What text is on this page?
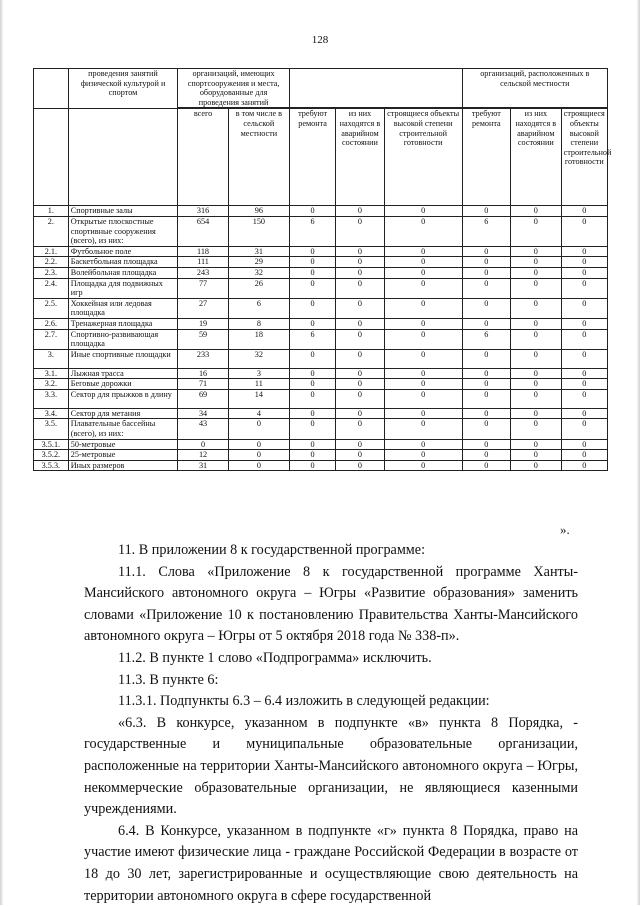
128
	проведения занятий физической культурой и спортом	организаций, имеющих спортсооружения и места, оборудованные для проведения занятий					организаций, расположенных в сельской местности		

		всего	в том числе в сельской местности	требуют ремонта	из них находятся в аварийном состоянии	строящиеся объекты высокой степени строительной готовности	требуют ремонта	из них находятся в аварийном состоянии	строящиеся объекты высокой степени строительной готовности
1.	Спортивные залы	316	96	0	0	0	0	0	0
2.	Открытые плоскостные спортивные сооружения (всего), из них:	654	150	6	0	0	6	0	0
2.1.	Футбольное поле	118	31	0	0	0	0	0	0
2.2.	Баскетбольная площадка	111	29	0	0	0	0	0	0
2.3.	Волейбольная площадка	243	32	0	0	0	0	0	0
2.4.	Площадка для подвижных игр	77	26	0	0	0	0	0	0
2.5.	Хоккейная или ледовая площадка	27	6	0	0	0	0	0	0
2.6.	Тренажерная площадка	19	8	0	0	0	0	0	0
2.7.	Спортивно-развивающая площадка	59	18	6	0	0	6	0	0
3.	Иные спортивные площадки	233	32	0	0	0	0	0	0
3.1.	Лыжная трасса	16	3	0	0	0	0	0	0
3.2.	Беговые дорожки	71	11	0	0	0	0	0	0
3.3.	Сектор для прыжков в длину	69	14	0	0	0	0	0	0
3.4.	Сектор для метания	34	4	0	0	0	0	0	0
3.5.	Плавательные бассейны (всего), из них:	43	0	0	0	0	0	0	0
3.5.1.	50-метровые	0	0	0	0	0	0	0	0
3.5.2.	25-метровые	12	0	0	0	0	0	0	0
3.5.3.	Иных размеров	31	0	0	0	0	0	0	0
».

11. В приложении 8 к государственной программе:

11.1. Слова «Приложение 8 к государственной программе Ханты-Мансийского автономного округа – Югры «Развитие образования» заменить словами «Приложение 10 к постановлению Правительства Ханты-Мансийского автономного округа – Югры от 5 октября 2018 года № 338-п».

11.2. В пункте 1 слово «Подпрограмма» исключить.

11.3. В пункте 6:

11.3.1. Подпункты 6.3 – 6.4 изложить в следующей редакции:

«6.3. В конкурсе, указанном в подпункте «в» пункта 8 Порядка, - государственные и муниципальные образовательные организации, расположенные на территории Ханты-Мансийского автономного округа – Югры, некоммерческие образовательные организации, не являющиеся казенными учреждениями.

6.4. В Конкурсе, указанном в подпункте «г» пункта 8 Порядка, право на участие имеют физические лица - граждане Российской Федерации в возрасте от 18 до 30 лет, зарегистрированные и осуществляющие свою деятельность на территории автономного округа в сфере государственной
